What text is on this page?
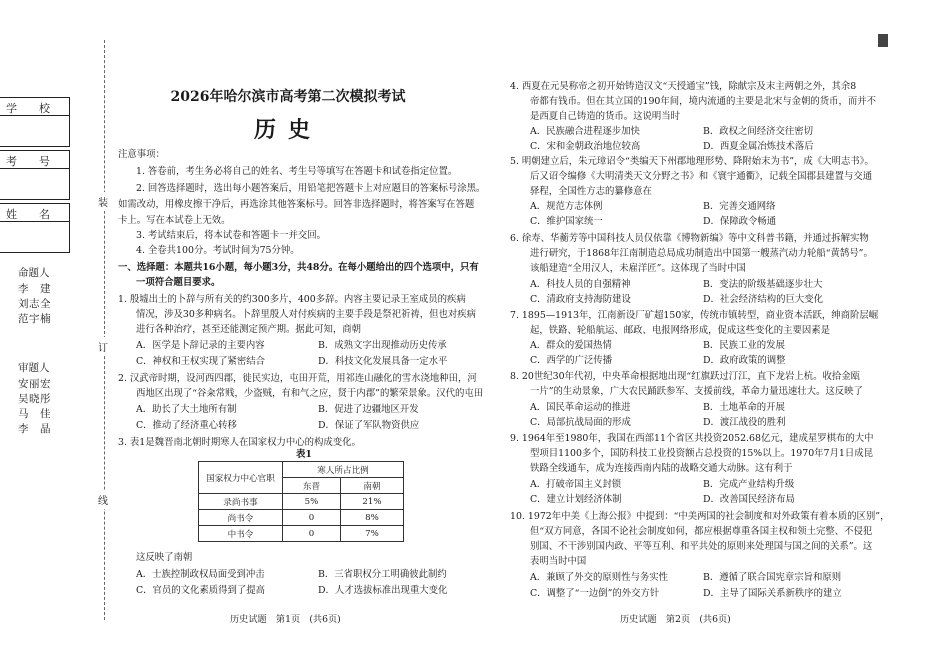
学　　校
考　　号
姓　　名
命题人
李　建
刘志全
范宇楠
审题人
安丽宏
吴晓彤
马　佳
李　晶
装
订
线
2026年哈尔滨市高考第二次模拟考试
历史
注意事项：
1. 答卷前，考生务必将自己的姓名、考生号等填写在答题卡和试卷指定位置。
2. 回答选择题时，选出每小题答案后，用铅笔把答题卡上对应题目的答案标号涂黑。
如需改动，用橡皮擦干净后，再选涂其他答案标号。回答非选择题时，将答案写在答题
卡上。写在本试卷上无效。
3. 考试结束后，将本试卷和答题卡一并交回。
4. 全卷共100分。考试时间为75分钟。
一、选择题：本题共16小题，每小题3分，共48分。在每小题给出的四个选项中，只有
一项符合题目要求。
1. 殷墟出土的卜辞与所有关的约300多片，400多辞。内容主要记录王室成员的疾病
情况，涉及30多种病名。卜辞里殷人对付疾病的主要手段是祭祀祈祷，但也对疾病
进行各种治疗，甚至还能测定预产期。据此可知，商朝
A．医学是卜辞记录的主要内容	B．成熟文字出现推动历史传承
C．神权和王权实现了紧密结合	D．科技文化发展具备一定水平
2. 汉武帝时期，设河西四郡，徙民实边，屯田开荒，用祁连山融化的雪水浇地种田，河
西地区出现了“谷籴常贱，少盗贼，有和气之应，贤于内郡”的繁荣景象。汉代的屯田
A．助长了大土地所有制	B．促进了边疆地区开发
C．推动了经济重心转移	D．保证了军队物资供应
3. 表1是魏晋南北朝时期寒人在国家权力中心的构成变化。
表1
这反映了南朝
A．士族控制政权局面受到冲击	B．三省职权分工明确彼此制约
C．官员的文化素质得到了提高	D．人才选拔标准出现重大变化
历史试题　第1页　(共6页)
国家权力中心官职	寒人所占比例	
	东晋	南朝
录尚书事	5%	21%
尚书令	0	8%
中书令	0	7%
4. 西夏在元昊称帝之初开始铸造汉文“天授通宝”钱，除献宗及末主两朝之外，其余8
帝都有钱币。但在其立国的190年间，境内流通的主要是北宋与金朝的货币，而并不
是西夏自己铸造的货币。这说明当时
A．民族融合进程逐步加快	B．政权之间经济交往密切
C．宋和金朝政治地位较高	D．西夏金属冶炼技术落后
5. 明朝建立后，朱元璋诏令“类编天下州郡地理形势、降附始末为书”，成《大明志书》。
后又诏令编修《大明清类天文分野之书》和《寰宇通衢》，记载全国郡县建置与交通
驿程，全国性方志的纂修意在
A．规范方志体例	B．完善交通网络
C．维护国家统一	D．保障政令畅通
6. 徐寿、华蘅芳等中国科技人员仅依靠《博物新编》等中文科普书籍，并通过拆解实物
进行研究，于1868年江南制造总局成功制造出中国第一艘蒸汽动力轮船“黄鹄号”。
该船建造“全用汉人，未雇洋匠”。这体现了当时中国
A．科技人员的自强精神	B．变法的阶级基础逐步壮大
C．清政府支持海防建设	D．社会经济结构的巨大变化
7. 1895—1913年，江南新设厂矿超150家，传统市镇转型，商业资本活跃，绅商阶层崛
起，铁路、轮船航运、邮政、电报网络形成，促成这些变化的主要因素是
A．群众的爱国热情	B．民族工业的发展
C．西学的广泛传播	D．政府政策的调整
8. 20世纪30年代初，中央革命根据地出现“红旗跃过汀江，直下龙岩上杭。收拾金瓯
一片”的生动景象，广大农民踊跃参军、支援前线，革命力量迅速壮大。这反映了
A．国民革命运动的推进	B．土地革命的开展
C．局部抗战局面的形成	D．渡江战役的胜利
9. 1964年至1980年，我国在西部11个省区共投资2052.68亿元，建成星罗棋布的大中
型项目1100多个，国防科技工业投资额占总投资的15%以上。1970年7月1日成昆
铁路全线通车，成为连接西南内陆的战略交通大动脉。这有利于
A．打破帝国主义封锁	B．完成产业结构升级
C．建立计划经济体制	D．改善国民经济布局
10. 1972年中美《上海公报》中提到：“中美两国的社会制度和对外政策有着本质的区别”，
但“双方同意，各国不论社会制度如何，都应根据尊重各国主权和领土完整、不侵犯
别国、不干涉别国内政、平等互利、和平共处的原则来处理国与国之间的关系”。这
表明当时中国
A．兼顾了外交的原则性与务实性	B．遵循了联合国宪章宗旨和原则
C．调整了“一边倒”的外交方针	D．主导了国际关系新秩序的建立
历史试题　第2页　(共6页)
